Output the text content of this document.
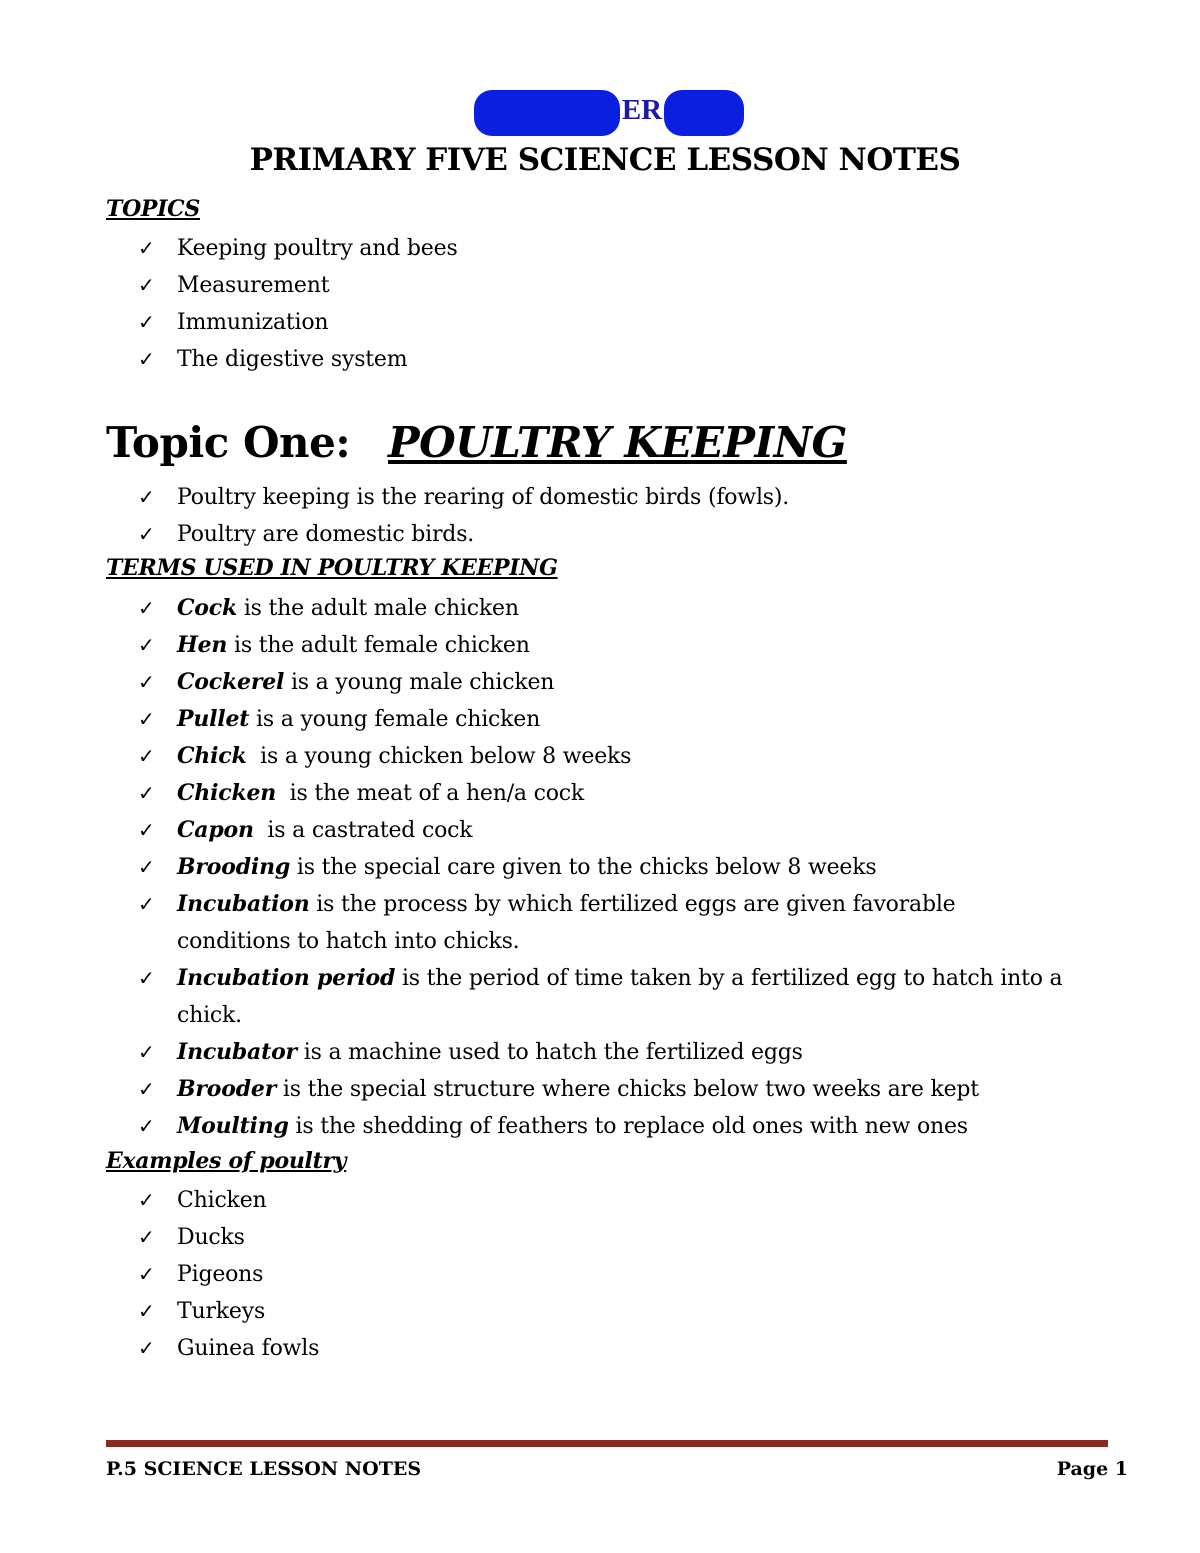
ER
PRIMARY FIVE SCIENCE LESSON NOTES
TOPICS
✓ Keeping poultry and bees
✓ Measurement
✓ Immunization
✓ The digestive system
Topic One: POULTRY KEEPING
✓ Poultry keeping is the rearing of domestic birds (fowls).
✓ Poultry are domestic birds.
TERMS USED IN POULTRY KEEPING
✓ Cock is the adult male chicken
✓ Hen is the adult female chicken
✓ Cockerel is a young male chicken
✓ Pullet is a young female chicken
✓ Chick  is a young chicken below 8 weeks
✓ Chicken  is the meat of a hen/a cock
✓ Capon  is a castrated cock
✓ Brooding is the special care given to the chicks below 8 weeks
✓ Incubation is the process by which fertilized eggs are given favorable conditions to hatch into chicks.
✓ Incubation period is the period of time taken by a fertilized egg to hatch into a chick.
✓ Incubator is a machine used to hatch the fertilized eggs
✓ Brooder is the special structure where chicks below two weeks are kept
✓ Moulting is the shedding of feathers to replace old ones with new ones
Examples of poultry
✓ Chicken
✓ Ducks
✓ Pigeons
✓ Turkeys
✓ Guinea fowls
P.5 SCIENCE LESSON NOTES	Page 1
